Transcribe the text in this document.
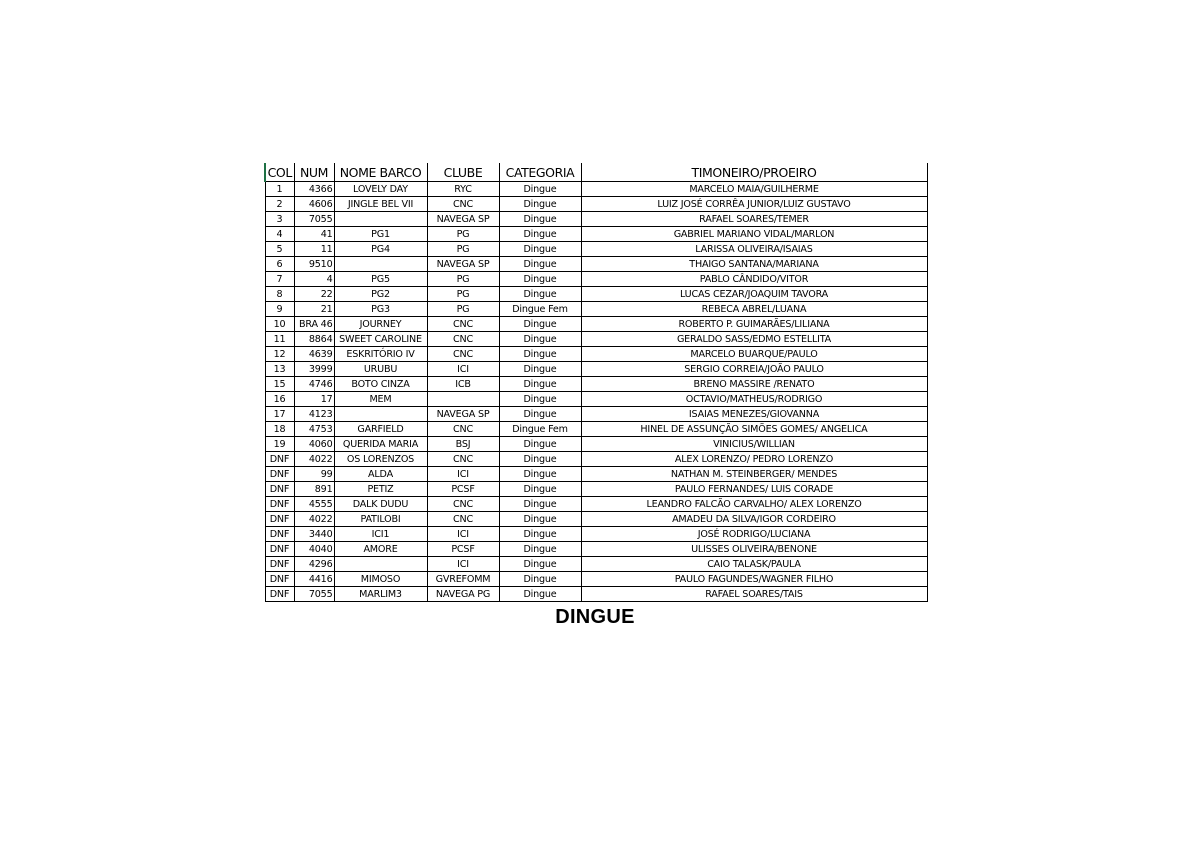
COL	NUM	NOME BARCO	CLUBE	CATEGORIA	TIMONEIRO/PROEIRO
1	4366	LOVELY DAY	RYC	Dingue	MARCELO MAIA/GUILHERME
2	4606	JINGLE BEL VII	CNC	Dingue	LUIZ JOSÉ CORRÊA JUNIOR/LUIZ GUSTAVO
3	7055		NAVEGA SP	Dingue	RAFAEL SOARES/TEMER
4	41	PG1	PG	Dingue	GABRIEL MARIANO VIDAL/MARLON
5	11	PG4	PG	Dingue	LARISSA OLIVEIRA/ISAIAS
6	9510		NAVEGA SP	Dingue	THAIGO SANTANA/MARIANA
7	4	PG5	PG	Dingue	PABLO CÂNDIDO/VITOR
8	22	PG2	PG	Dingue	LUCAS CEZAR/JOAQUIM TAVORA
9	21	PG3	PG	Dingue Fem	REBECA ABREL/LUANA
10	BRA 46	JOURNEY	CNC	Dingue	ROBERTO P. GUIMARÃES/LILIANA
11	8864	SWEET CAROLINE	CNC	Dingue	GERALDO SASS/EDMO ESTELLITA
12	4639	ESKRITÓRIO IV	CNC	Dingue	MARCELO BUARQUE/PAULO
13	3999	URUBU	ICI	Dingue	SERGIO CORREIA/JOÃO PAULO
15	4746	BOTO CINZA	ICB	Dingue	BRENO MASSIRE /RENATO
16	17	MEM		Dingue	OCTAVIO/MATHEUS/RODRIGO
17	4123		NAVEGA SP	Dingue	ISAIAS MENEZES/GIOVANNA
18	4753	GARFIELD	CNC	Dingue Fem	HINEL DE ASSUNÇÃO SIMÕES GOMES/ ANGELICA
19	4060	QUERIDA MARIA	BSJ	Dingue	VINICIUS/WILLIAN
DNF	4022	OS LORENZOS	CNC	Dingue	ALEX LORENZO/ PEDRO LORENZO
DNF	99	ALDA	ICI	Dingue	NATHAN M. STEINBERGER/ MENDES
DNF	891	PETIZ	PCSF	Dingue	PAULO FERNANDES/ LUIS CORADE
DNF	4555	DALK DUDU	CNC	Dingue	LEANDRO FALCÃO CARVALHO/ ALEX LORENZO
DNF	4022	PATILOBI	CNC	Dingue	AMADEU DA SILVA/IGOR CORDEIRO
DNF	3440	ICI1	ICI	Dingue	JOSÉ RODRIGO/LUCIANA
DNF	4040	AMORE	PCSF	Dingue	ULISSES OLIVEIRA/BENONE
DNF	4296		ICI	Dingue	CAIO TALASK/PAULA
DNF	4416	MIMOSO	GVREFOMM	Dingue	PAULO FAGUNDES/WAGNER FILHO
DNF	7055	MARLIM3	NAVEGA PG	Dingue	RAFAEL SOARES/TAIS
DINGUE
